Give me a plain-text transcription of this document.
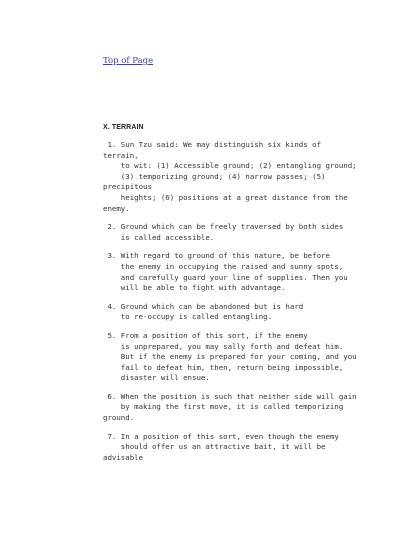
Top of Page
X. TERRAIN
1. Sun Tzu said: We may distinguish six kinds of
terrain,
to wit: (1) Accessible ground; (2) entangling ground;
(3) temporizing ground; (4) narrow passes; (5)
precipitous
heights; (6) positions at a great distance from the
enemy.
2. Ground which can be freely traversed by both sides
is called accessible.
3. With regard to ground of this nature, be before
the enemy in occupying the raised and sunny spots,
and carefully guard your line of supplies. Then you
will be able to fight with advantage.
4. Ground which can be abandoned but is hard
to re-occupy is called entangling.
5. From a position of this sort, if the enemy
is unprepared, you may sally forth and defeat him.
But if the enemy is prepared for your coming, and you
fail to defeat him, then, return being impossible,
disaster will ensue.
6. When the position is such that neither side will gain
by making the first move, it is called temporizing
ground.
7. In a position of this sort, even though the enemy
should offer us an attractive bait, it will be
advisable
